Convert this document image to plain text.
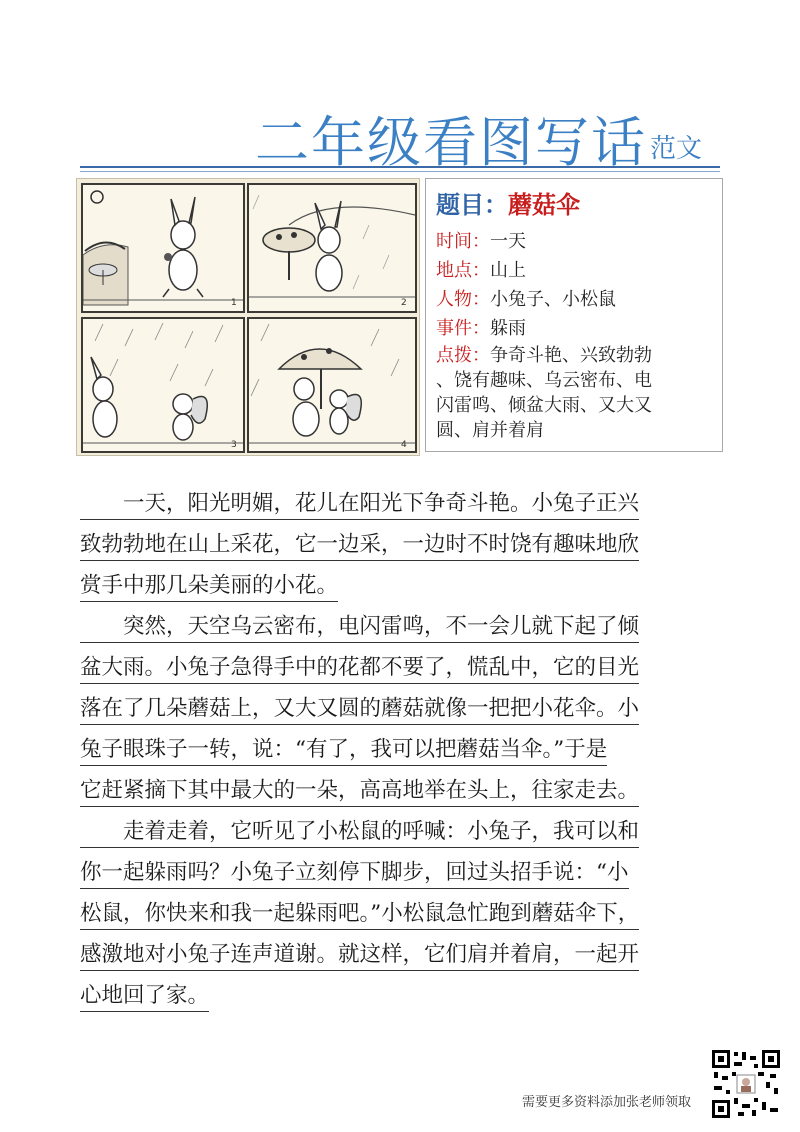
二年级看图写话 范文
1	2
3	4
题目：蘑菇伞
时间：一天
地点：山上
人物：小兔子、小松鼠
事件：躲雨
点拨：争奇斗艳、兴致勃勃
、饶有趣味、乌云密布、电
闪雷鸣、倾盆大雨、又大又
圆、肩并着肩
　　一天，阳光明媚，花儿在阳光下争奇斗艳。小兔子正兴
致勃勃地在山上采花，它一边采，一边时不时饶有趣味地欣
赏手中那几朵美丽的小花。
　　突然，天空乌云密布，电闪雷鸣，不一会儿就下起了倾
盆大雨。小兔子急得手中的花都不要了，慌乱中，它的目光
落在了几朵蘑菇上，又大又圆的蘑菇就像一把把小花伞。小
兔子眼珠子一转，说：“有了，我可以把蘑菇当伞。”于是
它赶紧摘下其中最大的一朵，高高地举在头上，往家走去。
　　走着走着，它听见了小松鼠的呼喊：小兔子，我可以和
你一起躲雨吗？小兔子立刻停下脚步，回过头招手说：“小
松鼠，你快来和我一起躲雨吧。”小松鼠急忙跑到蘑菇伞下，
感激地对小兔子连声道谢。就这样，它们肩并着肩，一起开
心地回了家。
需要更多资料添加张老师领取
